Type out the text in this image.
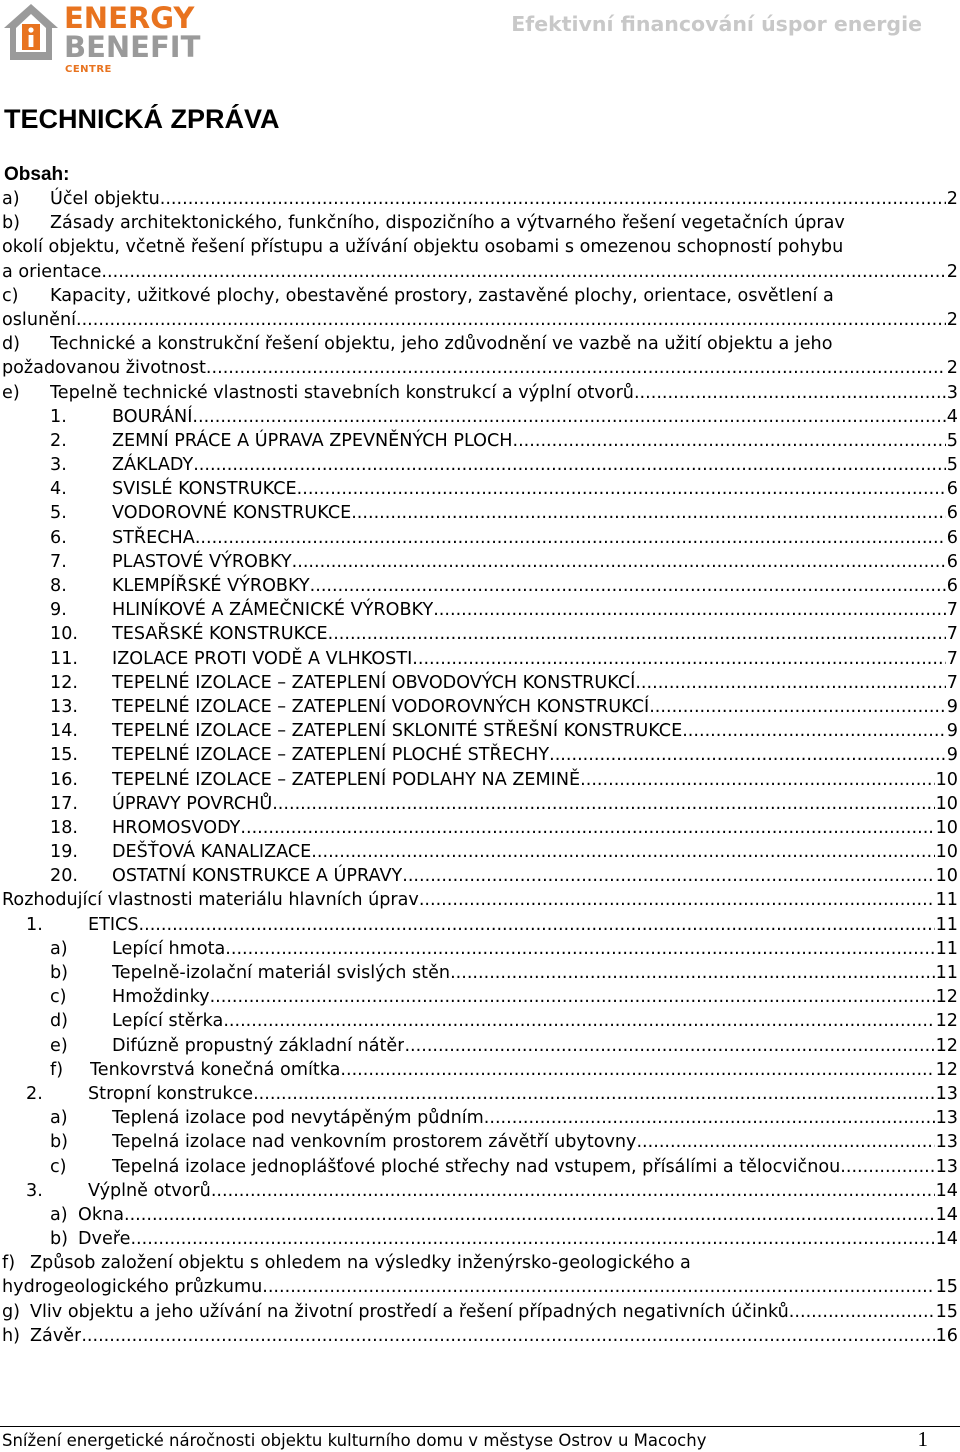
ENERGY
BENEFIT
CENTRE
Efektivní financování úspor energie
TECHNICKÁ ZPRÁVA
Obsah:
a)	Účel objektu .....	2
b)	Zásady architektonického, funkčního, dispozičního a výtvarného řešení vegetačních úprav
okolí objektu, včetně řešení přístupu a užívání objektu osobami s omezenou schopností pohybu
a orientace .....	2
c)	Kapacity, užitkové plochy, obestavěné prostory, zastavěné plochy, orientace, osvětlení a
oslunění .....	2
d)	Technické a konstrukční řešení objektu, jeho zdůvodnění ve vazbě na užití objektu a jeho
požadovanou životnost .....	2
e)	Tepelně technické vlastnosti stavebních konstrukcí a výplní otvorů .....	3
1.	BOURÁNÍ .....	4
2.	ZEMNÍ PRÁCE A ÚPRAVA ZPEVNĚNÝCH PLOCH .....	5
3.	ZÁKLADY .....	5
4.	SVISLÉ KONSTRUKCE .....	6
5.	VODOROVNÉ KONSTRUKCE .....	6
6.	STŘECHA .....	6
7.	PLASTOVÉ VÝROBKY .....	6
8.	KLEMPÍŘSKÉ VÝROBKY .....	6
9.	HLINÍKOVÉ A ZÁMEČNICKÉ VÝROBKY .....	7
10.	TESAŘSKÉ KONSTRUKCE .....	7
11.	IZOLACE PROTI VODĚ A VLHKOSTI .....	7
12.	TEPELNÉ IZOLACE – ZATEPLENÍ OBVODOVÝCH KONSTRUKCÍ .....	7
13.	TEPELNÉ IZOLACE – ZATEPLENÍ VODOROVNÝCH KONSTRUKCÍ .....	9
14.	TEPELNÉ IZOLACE – ZATEPLENÍ SKLONITÉ STŘEŠNÍ KONSTRUKCE .....	9
15.	TEPELNÉ IZOLACE – ZATEPLENÍ PLOCHÉ STŘECHY .....	9
16.	TEPELNÉ IZOLACE – ZATEPLENÍ PODLAHY NA ZEMINĚ .....	10
17.	ÚPRAVY POVRCHŮ .....	10
18.	HROMOSVODY .....	10
19.	DEŠŤOVÁ KANALIZACE .....	10
20.	OSTATNÍ KONSTRUKCE A ÚPRAVY .....	10
Rozhodující vlastnosti materiálu hlavních úprav .....	11
1.	ETICS .....	11
a)	Lepící hmota .....	11
b)	Tepelně-izolační materiál svislých stěn .....	11
c)	Hmoždinky .....	12
d)	Lepící stěrka .....	12
e)	Difúzně propustný základní nátěr .....	12
f)	Tenkovrstvá konečná omítka .....	12
2.	Stropní konstrukce .....	13
a)	Teplená izolace pod nevytápěným půdním .....	13
b)	Tepelná izolace nad venkovním prostorem závětří ubytovny .....	13
c)	Tepelná izolace jednoplášťové ploché střechy nad vstupem, přísálími a tělocvičnou .....	13
3.	Výplně otvorů .....	14
a) Okna .....	14
b) Dveře .....	14
f) Způsob založení objektu s ohledem na výsledky inženýrsko-geologického a
hydrogeologického průzkumu .....	15
g) Vliv objektu a jeho užívání na životní prostředí a řešení případných negativních účinků .....	15
h) Závěr .....	16
Snížení energetické náročnosti objektu kulturního domu v městyse Ostrov u Macochy	1
